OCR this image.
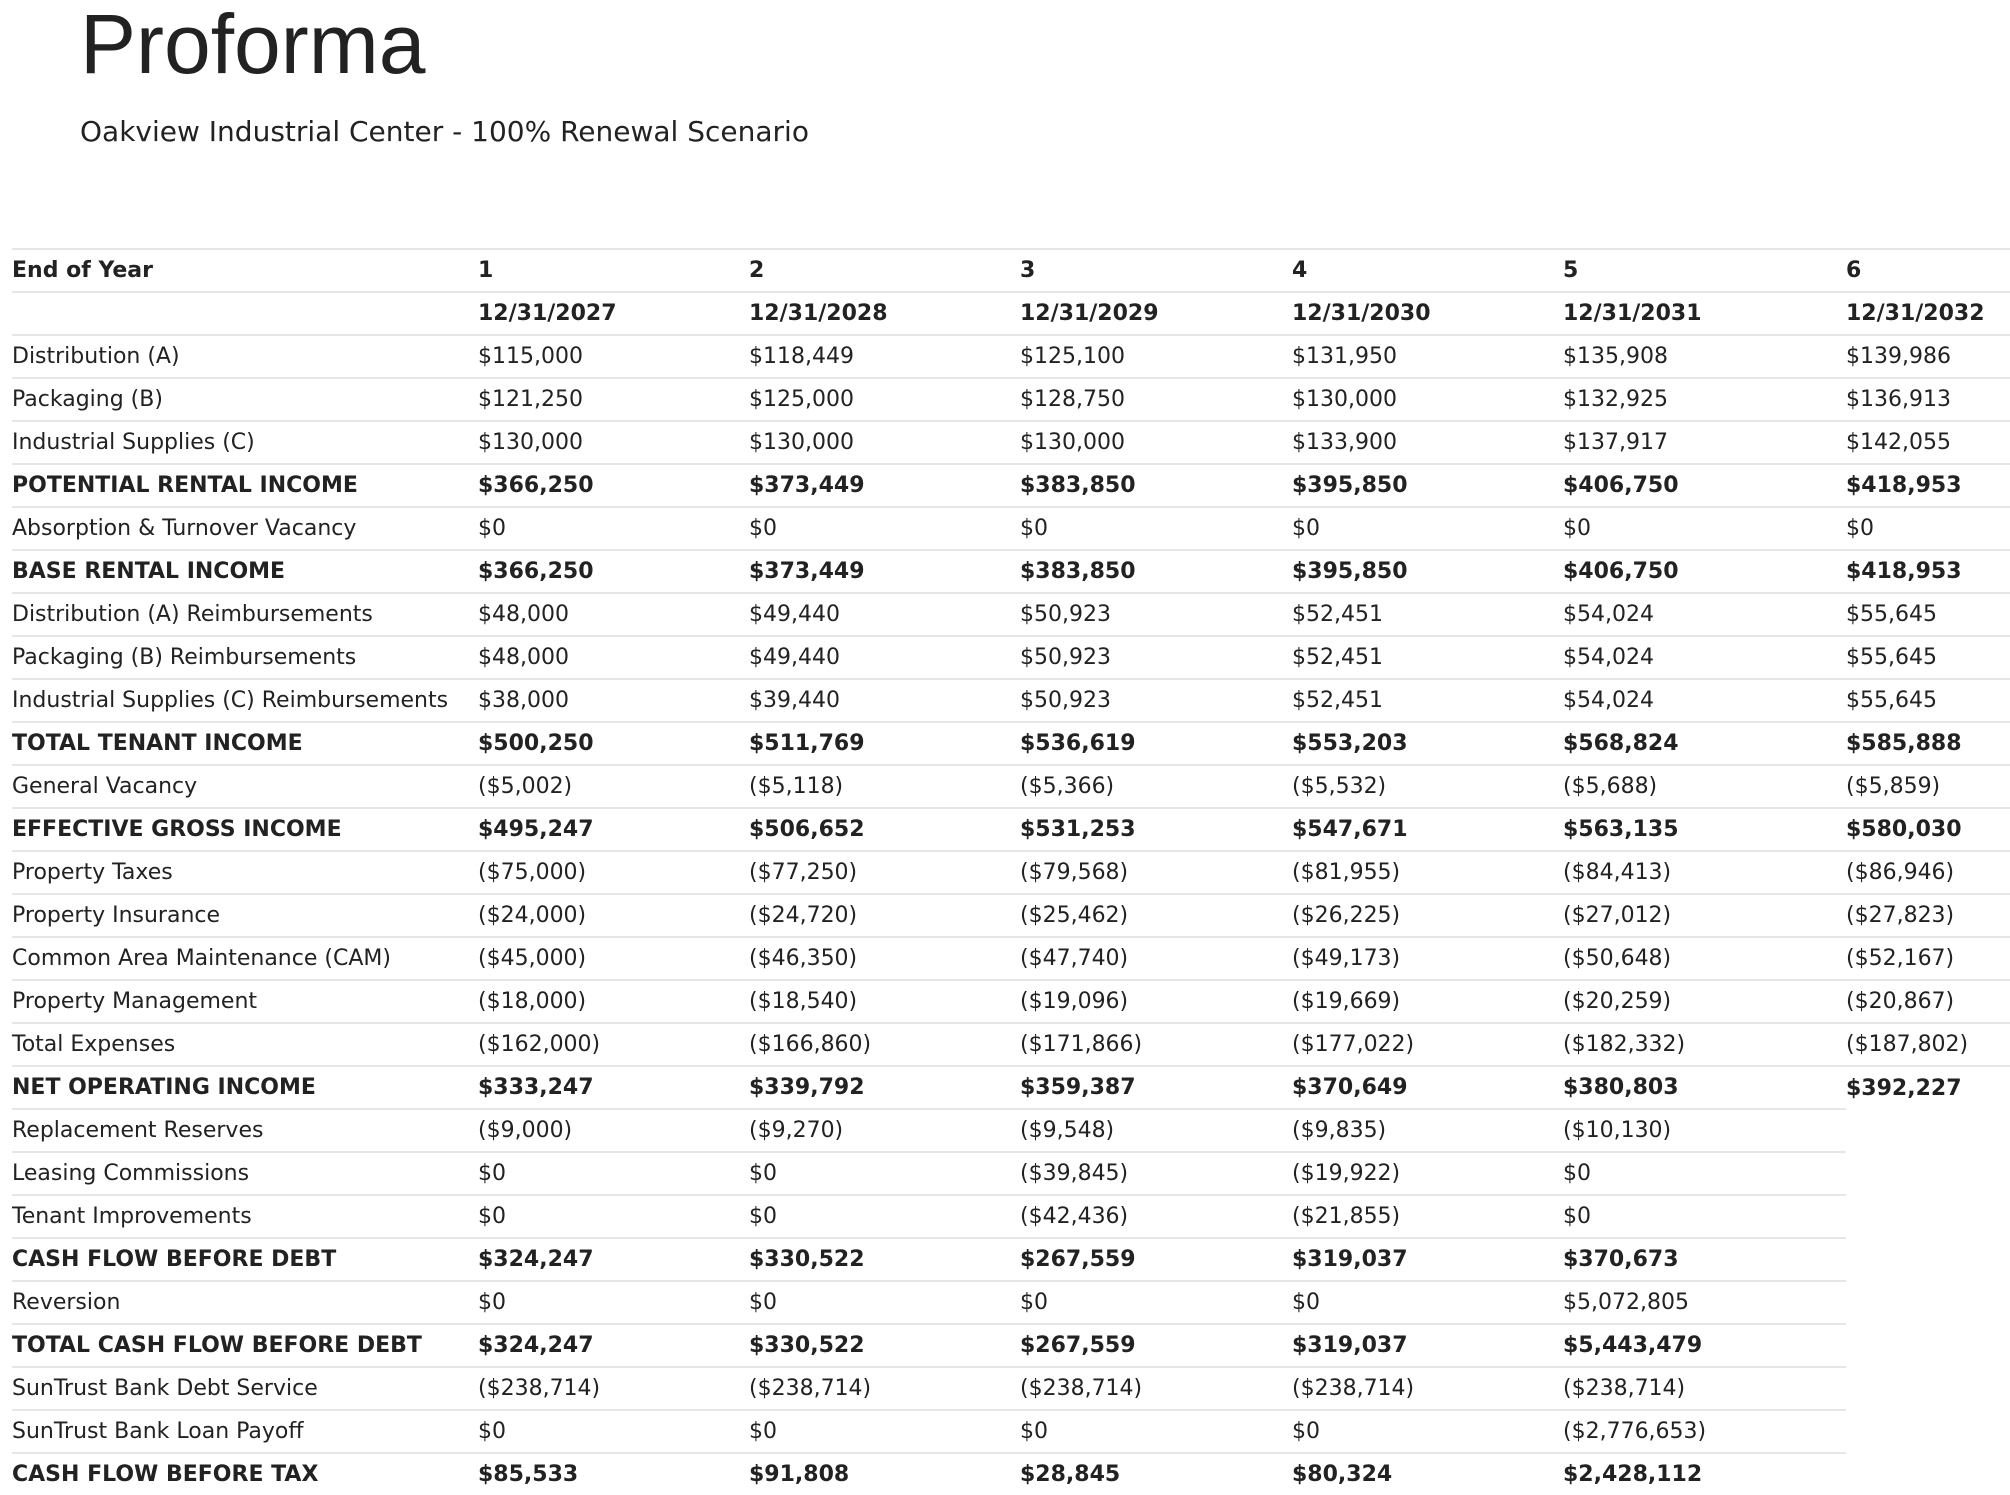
Proforma
Oakview Industrial Center - 100% Renewal Scenario
End of Year	1	2	3	4	5	6
	12/31/2027	12/31/2028	12/31/2029	12/31/2030	12/31/2031	12/31/2032
Distribution (A)	$115,000	$118,449	$125,100	$131,950	$135,908	$139,986
Packaging (B)	$121,250	$125,000	$128,750	$130,000	$132,925	$136,913
Industrial Supplies (C)	$130,000	$130,000	$130,000	$133,900	$137,917	$142,055
POTENTIAL RENTAL INCOME	$366,250	$373,449	$383,850	$395,850	$406,750	$418,953
Absorption & Turnover Vacancy	$0	$0	$0	$0	$0	$0
BASE RENTAL INCOME	$366,250	$373,449	$383,850	$395,850	$406,750	$418,953
Distribution (A) Reimbursements	$48,000	$49,440	$50,923	$52,451	$54,024	$55,645
Packaging (B) Reimbursements	$48,000	$49,440	$50,923	$52,451	$54,024	$55,645
Industrial Supplies (C) Reimbursements	$38,000	$39,440	$50,923	$52,451	$54,024	$55,645
TOTAL TENANT INCOME	$500,250	$511,769	$536,619	$553,203	$568,824	$585,888
General Vacancy	($5,002)	($5,118)	($5,366)	($5,532)	($5,688)	($5,859)
EFFECTIVE GROSS INCOME	$495,247	$506,652	$531,253	$547,671	$563,135	$580,030
Property Taxes	($75,000)	($77,250)	($79,568)	($81,955)	($84,413)	($86,946)
Property Insurance	($24,000)	($24,720)	($25,462)	($26,225)	($27,012)	($27,823)
Common Area Maintenance (CAM)	($45,000)	($46,350)	($47,740)	($49,173)	($50,648)	($52,167)
Property Management	($18,000)	($18,540)	($19,096)	($19,669)	($20,259)	($20,867)
Total Expenses	($162,000)	($166,860)	($171,866)	($177,022)	($182,332)	($187,802)
NET OPERATING INCOME	$333,247	$339,792	$359,387	$370,649	$380,803	$392,227
Replacement Reserves	($9,000)	($9,270)	($9,548)	($9,835)	($10,130)	
Leasing Commissions	$0	$0	($39,845)	($19,922)	$0	
Tenant Improvements	$0	$0	($42,436)	($21,855)	$0	
CASH FLOW BEFORE DEBT	$324,247	$330,522	$267,559	$319,037	$370,673	
Reversion	$0	$0	$0	$0	$5,072,805	
TOTAL CASH FLOW BEFORE DEBT	$324,247	$330,522	$267,559	$319,037	$5,443,479	
SunTrust Bank Debt Service	($238,714)	($238,714)	($238,714)	($238,714)	($238,714)	
SunTrust Bank Loan Payoff	$0	$0	$0	$0	($2,776,653)	
CASH FLOW BEFORE TAX	$85,533	$91,808	$28,845	$80,324	$2,428,112	
